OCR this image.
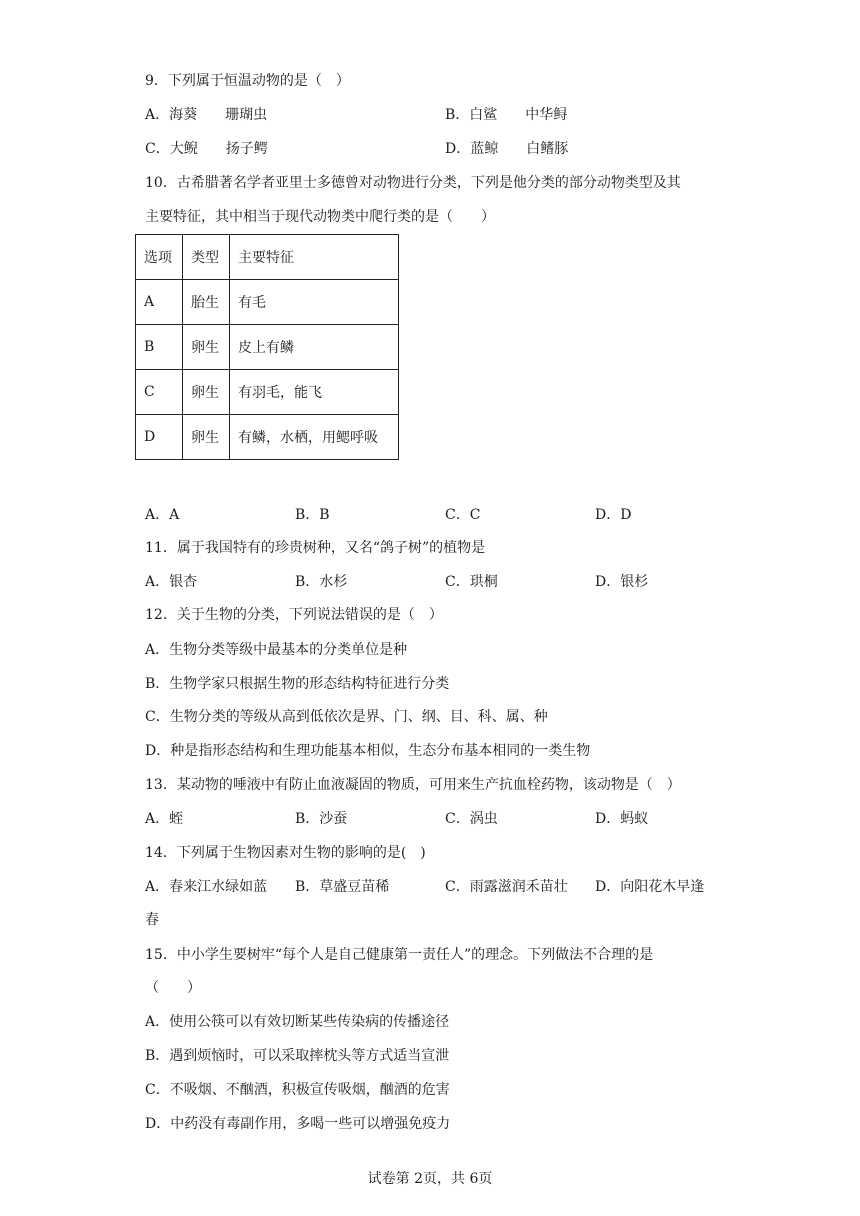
9．下列属于恒温动物的是（　）
A．海葵　　珊瑚虫	B．白鲨　　中华鲟
C．大鲵　　扬子鳄	D．蓝鲸　　白鳍豚
10．古希腊著名学者亚里士多德曾对动物进行分类，下列是他分类的部分动物类型及其
主要特征，其中相当于现代动物类中爬行类的是（　　）
选项	类型	主要特征
A	胎生	有毛
B	卵生	皮上有鳞
C	卵生	有羽毛，能飞
D	卵生	有鳞，水栖，用鳃呼吸
A．A	B．B	C．C	D．D
11．属于我国特有的珍贵树种，又名“鸽子树”的植物是
A．银杏	B．水杉	C．珙桐	D．银杉
12．关于生物的分类，下列说法错误的是（　）
A．生物分类等级中最基本的分类单位是种
B．生物学家只根据生物的形态结构特征进行分类
C．生物分类的等级从高到低依次是界、门、纲、目、科、属、种
D．种是指形态结构和生理功能基本相似，生态分布基本相同的一类生物
13．某动物的唾液中有防止血液凝固的物质，可用来生产抗血栓药物，该动物是（　）
A．蛭	B．沙蚕	C．涡虫	D．蚂蚁
14．下列属于生物因素对生物的影响的是(　)
A．春来江水绿如蓝 B．草盛豆苗稀	C．雨露滋润禾苗壮 D．向阳花木早逢
春
15．中小学生要树牢“每个人是自己健康第一责任人”的理念。下列做法不合理的是
（　　）
A．使用公筷可以有效切断某些传染病的传播途径
B．遇到烦恼时，可以采取摔枕头等方式适当宣泄
C．不吸烟、不酗酒，积极宣传吸烟，酗酒的危害
D．中药没有毒副作用，多喝一些可以增强免疫力
试卷第 2页，共 6页
